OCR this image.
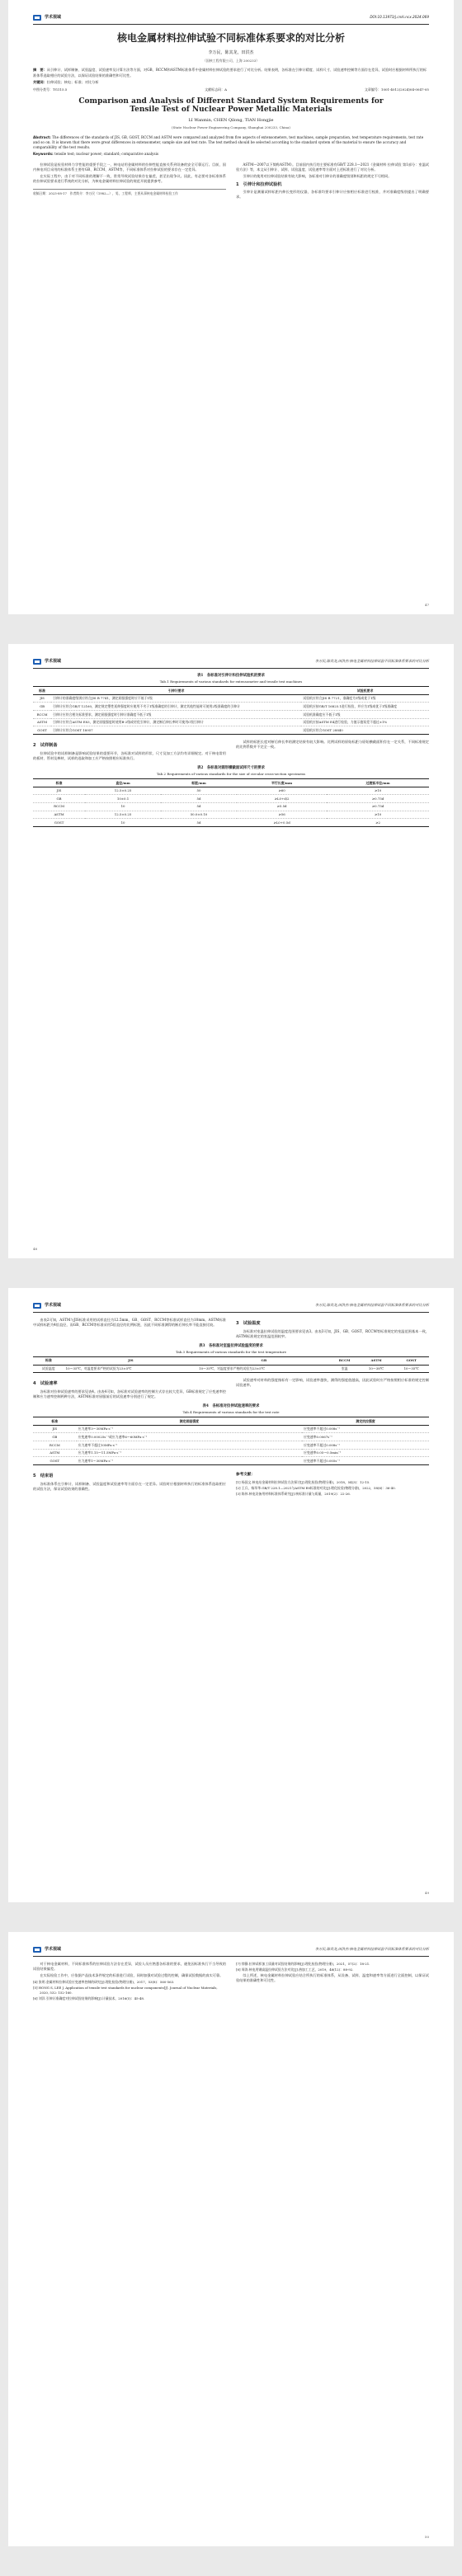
学术视域	DOI:10.13973/j.cnki.ncx.2024.069
核电金属材料拉伸试验不同标准体系要求的对比分析
李万民，陈其龙，田洪杰
（国核工程有限公司，上海 200233）
摘　要：从引伸计、试样制备、试验温度、试验速率及计算方法等方面，对GB、RCCM和ASTM标准体系中金属材料拉伸试验的要求进行了对比分析。结果表明，各标准在引伸计精度、试样尺寸、试验速率控制等方面存在差异，试验时应根据材料所执行的标准体系选取相应的试验方法，以保证试验结果的准确性和可比性。
关键词：拉伸试验；核电；标准；对比分析
中图分类号：TG115.5	文献标志码：A	文章编号：1001-4012(2024)04-0047-05
Comparison and Analysis of Different Standard System Requirements for Tensile Test of Nuclear Power Metallic Materials
LI Wanmin, CHEN Qilong, TIAN Hongjie
(State Nuclear Power Engineering Company, Shanghai 200233, China)
Abstract: The differences of the standards of JIS, GB, GOST, RCCM and ASTM were compared and analyzed from five aspects of extensometers, test machines, sample preparation, test temperature requirements, test rate and so on. It is known that there were great differences in extensometer, sample size and test rate. The test method should be selected according to the standard system of the material to ensure the accuracy and comparability of the test results.
Keywords: tensile test; nuclear power; standard; comparative analysis

拉伸试验是检验材料力学性能的重要手段之一，核电站用金属材料的拉伸性能直接关系到设备的安全可靠运行。目前，国内核电项目采用的标准体系主要有GB、RCCM、ASTM等，不同标准体系对拉伸试验的要求存在一定差异。

在实际工程中，由于对不同标准的理解不一致，常常导致试验结果存在偏差，甚至出现争议。因此，有必要对各标准体系的拉伸试验要求进行系统的对比分析，为核电金属材料拉伸试验的规范开展提供参考。

收稿日期：2023-08-17　作者简介：李万民（1982—），男，工程师，主要从事核电金属材料检验工作

ASTM—2007以下简称ASTM）。目前国内执行的主要标准有GB/T 228.1—2021《金属材料 拉伸试验 第1部分：室温试验方法》等，本文从引伸计、试样、试验温度、试验速率等方面对上述标准进行了对比分析。

引伸计的使用对拉伸试验结果有较大影响，各标准对引伸计的准确度级别和标距的规定不尽相同。

1　引伸计和拉伸试验机

引伸计是测量试样标距内伸长变形的仪器，各标准均要求引伸计应按相应标准进行校准，并对准确度级别提出了明确要求。

47
学术视域	李万民,陈其龙,田洪杰:核电金属材料拉伸试验不同标准体系要求的对比分析
表1　各标准对引伸计和拉伸试验机的要求
Tab.1 Requirements of various standards for extensometer and tensile test machines
标准	引伸计要求	试验机要求
JIS	引伸计的准确度级别应符合JIS B 7741，测定屈服强度时应不低于1级	试验机应符合JIS B 7721，准确度为1级或优于1级
GB	引伸计应符合GB/T 12160，测定规定塑性延伸强度时应使用不劣于1级准确度的引伸计，测定其他性能时可使用2级准确度的引伸计	试验机应按GB/T 16825.1进行检验，并应为1级或优于1级准确度
RCCM	引伸计应符合相关标准要求，测定屈服强度时引伸计准确度不低于1级	试验机准确度应不低于1级
ASTM	引伸计应符合ASTM E83，测定屈服强度时使用B-2级或更优引伸计，测定断后伸长率时可使用C级引伸计	试验机应按ASTM E4进行检验，力值示值误差不超过±1%
GOST	引伸计应符合GOST 18957	试验机应符合GOST 28840
2　试样制备

拉伸试验中的试样制备是影响试验结果的重要环节，各标准对试样的形状、尺寸及加工方法均有详细规定。对于核电常用的板材、管材及棒材，试样的选取和加工应严格按照相应标准执行。

试样的标距长度对断后伸长率的测定结果有较大影响。比例试样的原始标距与原始横截面积存在一定关系，不同标准规定的比例系数并不完全一致。

表2　各标准对圆形横截面试样尺寸的要求
Tab.2 Requirements of various standards for the size of circular cross-section specimens
标准	直径/mm	标距/mm	平行长度/mm	过渡弧半径/mm
JIS	12.5±0.25	50	≥60	≥10
GB	10±0.1	5d	≥L0+d/2	≥0.75d
RCCM	10	5d	≥5.5d	≥0.75d
ASTM	12.5±0.25	50.0±0.10	≥56	≥10
GOST	10	5d	≥L0+0.5d	≥2
48
学术视域	李万民,陈其龙,田洪杰:核电金属材料拉伸试验不同标准体系要求的对比分析

由表2可知，ASTM与JIS标准采用的试样直径为12.5mm，GB、GOST、RCCM等标准试样直径为10mm。ASTM标准中试样标距为4倍直径，而GB、RCCM等标准采用5倍直径的比例标距，因此不同标准测得的断后伸长率不能直接比较。	3　试验温度

各标准对室温拉伸试验的温度范围要求见表3。由表3可知，JIS、GB、GOST、RCCM等标准规定的室温范围基本一致，ASTM标准规定的室温范围较窄。

表3　各标准对室温拉伸试验温度的要求
Tab.3 Requirements of various standards for the test temperature
标准	JIS	GB	RCCM	ASTM	GOST
试验温度	10～35℃，对温度要求严格的试验为23±5℃	10～35℃，对温度要求严格的试验为23±5℃	室温	10～38℃	10～35℃
4　试验速率

各标准对拉伸试验速率的要求见表4。由表4可知，各标准对试验速率的控制方式存在较大差异，GB标准规定了应变速率控制和应力速率控制两种方法，ASTM标准对屈服前后的试验速率分别进行了规定。

试验速率对材料的强度指标有一定影响，试验速率越快，测得的强度值越高，因此试验时应严格按照相应标准的规定控制试验速率。

表4　各标准对拉伸试验速率的要求
Tab.4 Requirements of various standards for the test rate
标准	测定屈服强度	测定抗拉强度
JIS	应力速率3～30MPa·s⁻¹	应变速率不超过0.008s⁻¹
GB	应变速率0.00025s⁻¹或应力速率6～60MPa·s⁻¹	应变速率0.0067s⁻¹
RCCM	应力速率不超过10MPa·s⁻¹	应变速率不超过0.008s⁻¹
ASTM	应力速率1.15～11.5MPa·s⁻¹	应变速率0.05～0.5min⁻¹
GOST	应力速率1～30MPa·s⁻¹	应变速率不超过0.005s⁻¹
5　结束语

各标准体系在引伸计、试样制备、试验温度和试验速率等方面存在一定差异。试验时应根据材料执行的标准体系选取相应的试验方法，保证试验结果的准确性。

参考文献：
[1] 杨国文.核电站金属材料拉伸试验方法探讨[J].理化检验(物理分册)，2018，54(3)：12-15.
[2] 王兵，杨翠华.GB/T 228.1—2021与ASTM E8标准的对比[J].理化检验(物理分册)，2022，58(6)：36-40.
[3] 陈伟.核电设备用材料标准体系研究[J].核标准计量与质量，2019(2)：22-26.
49
学术视域	李万民,陈其龙,田洪杰:核电金属材料拉伸试验不同标准体系要求的对比分析

对于核电金属材料，不同标准体系的拉伸试验方法存在差异，试验人员应熟悉各标准的要求，避免因标准执行不当导致的试验结果偏差。

在实际检验工作中，应依据产品技术条件规定的标准进行试验，同时加强对试验过程的控制，确保试验数据的真实可靠。

[4] 张明.金属材料拉伸试验应变速率控制的研究[J].理化检验(物理分册)，2017，53(8)：560-563.
[5] HONG S, LEE J. Application of tensile test standards for nuclear components[J]. Journal of Nuclear Materials, 2020, 532: 152-160.
[6] 刘洋.引伸计准确度对拉伸试验结果的影响[J].计量技术，2016(5)：45-48.
[7] 徐静.拉伸试样加工质量对试验结果的影响[J].理化检验(物理分册)，2021，57(2)：18-21.
[8] 周涛.核电用钢高温拉伸试验方法对比[J].热加工工艺，2019，48(12)：88-92.

综上所述，核电金属材料拉伸试验应结合所执行的标准体系，从设备、试样、温度和速率等方面进行全面控制，以保证试验结果的准确性和可比性。

50
